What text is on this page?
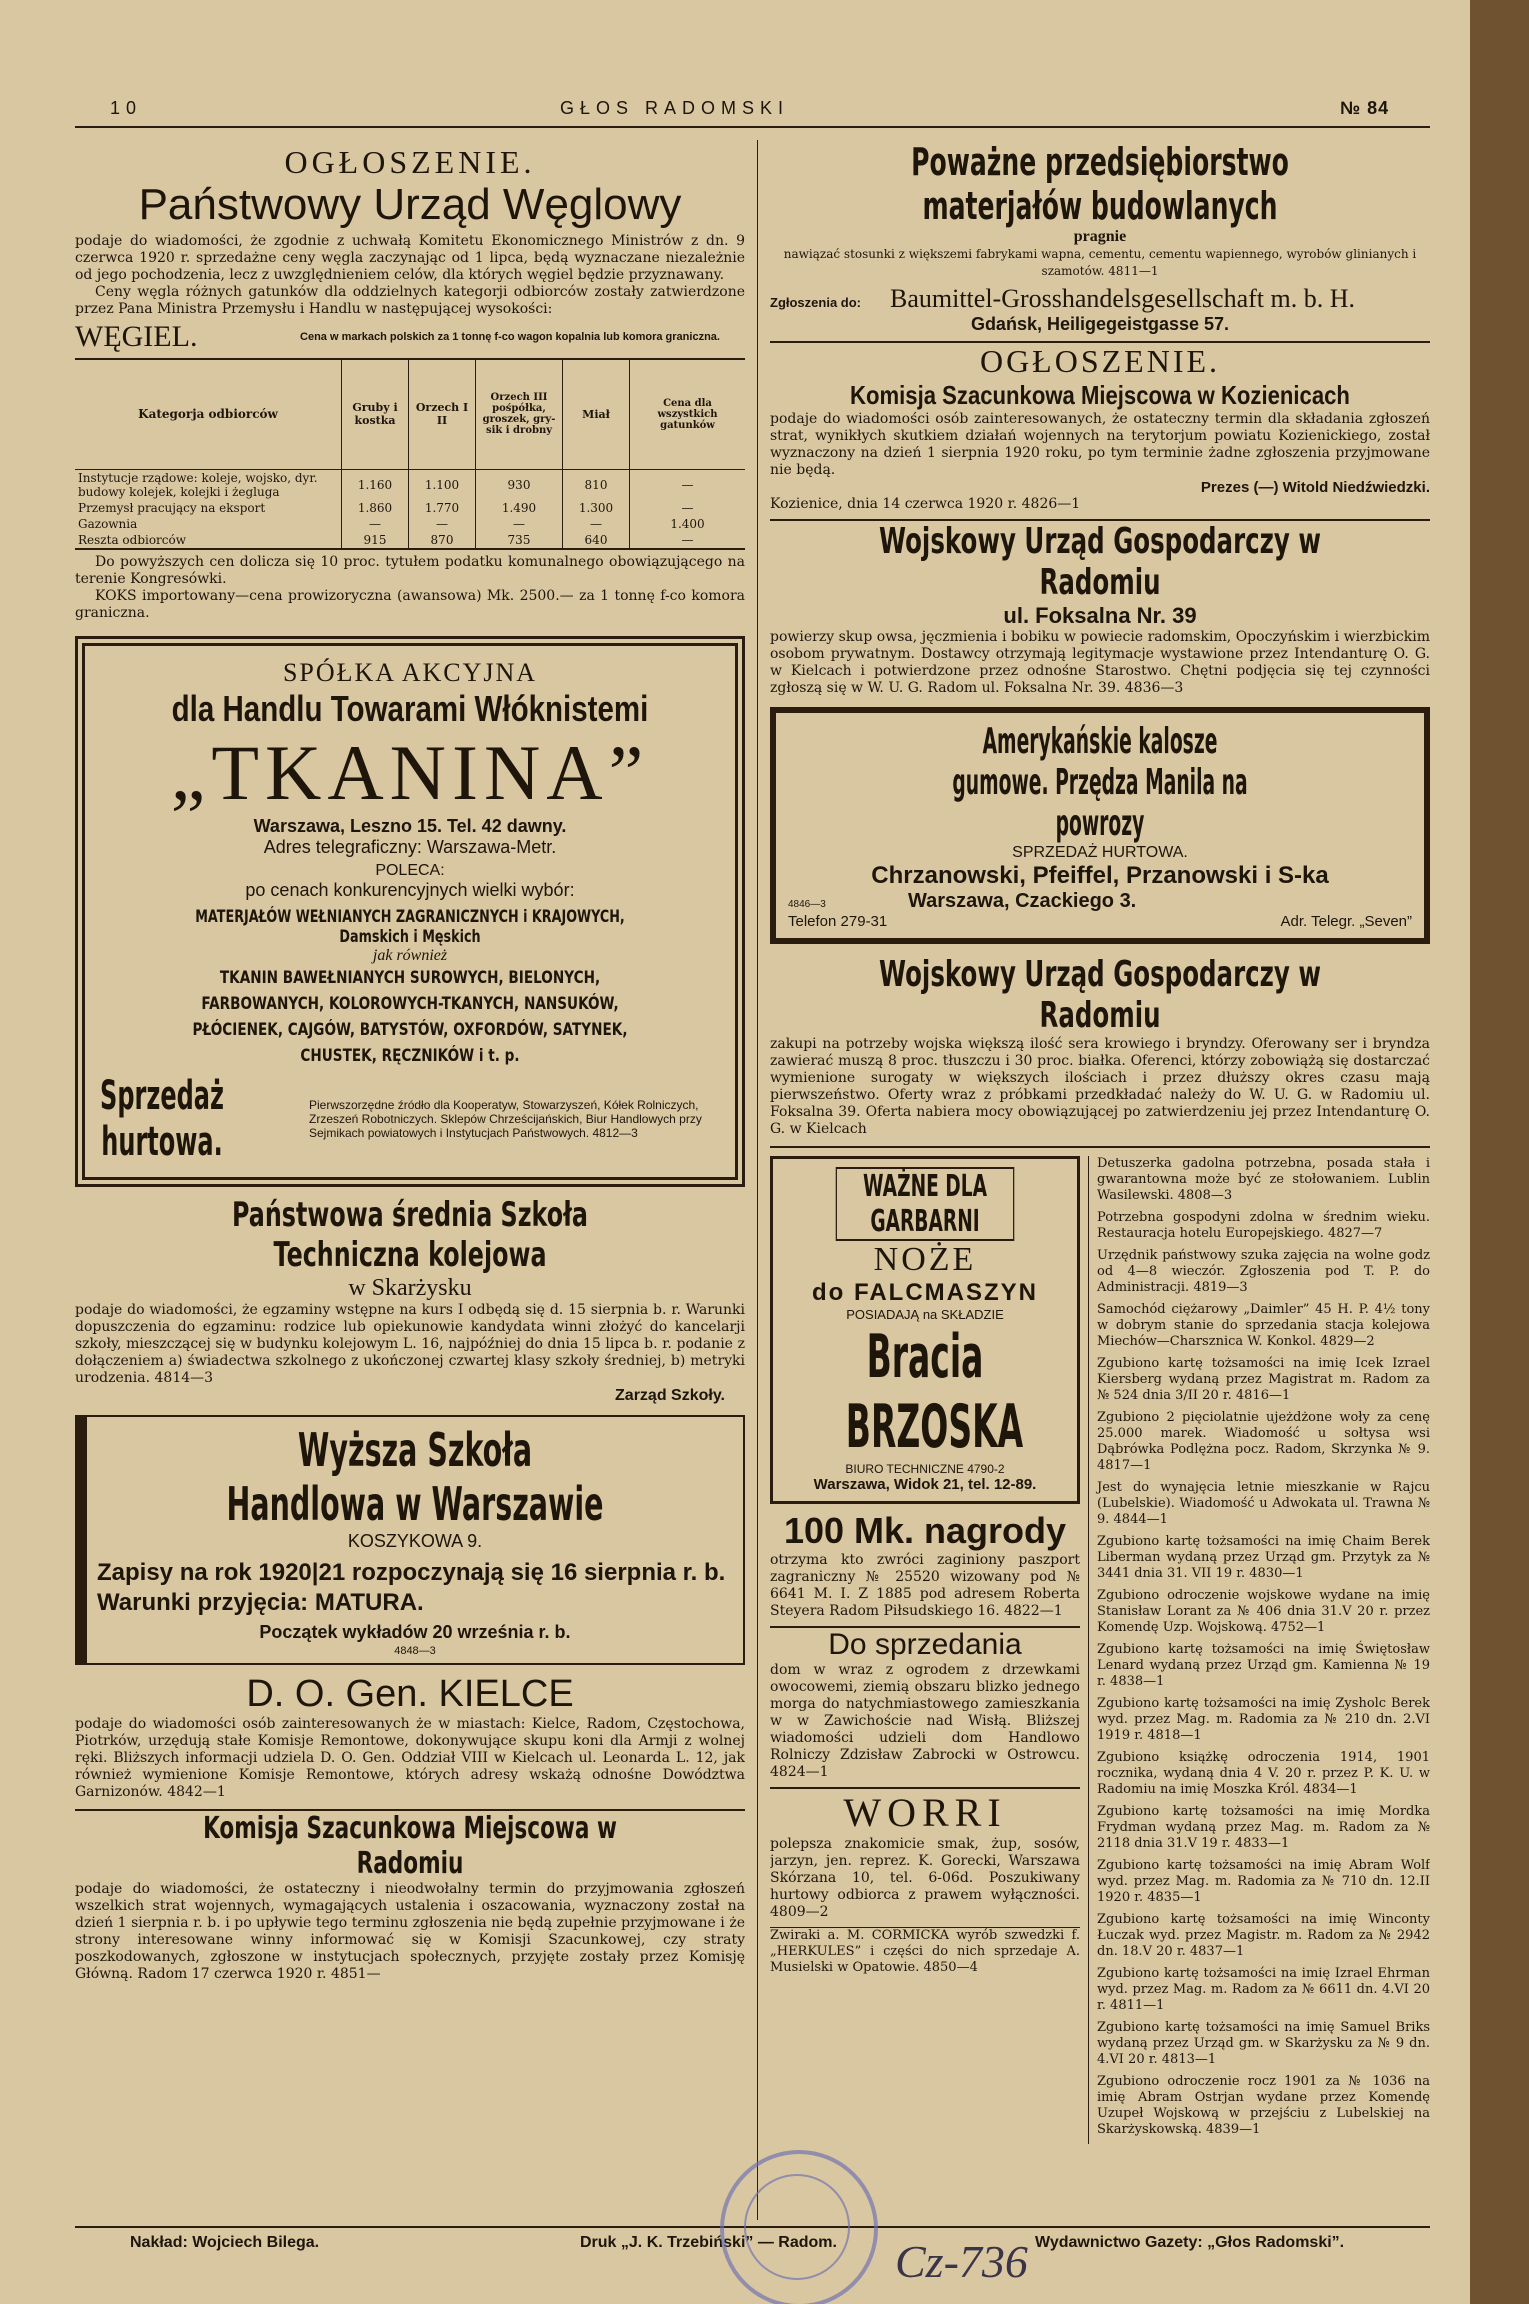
10	GŁOS RADOMSKI	№ 84
OGŁOSZENIE.
Państwowy Urząd Węglowy
podaje do wiadomości, że zgodnie z uchwałą Komitetu Ekonomicznego Ministrów z dn. 9 czerwca 1920 r. sprzedażne ceny węgla zaczynając od 1 lipca, będą wyznaczane niezależnie od jego pochodzenia, lecz z uwzględnieniem celów, dla których węgiel będzie przyznawany.
Ceny węgla różnych gatunków dla oddzielnych kategorji odbiorców zostały zatwierdzone przez Pana Ministra Przemysłu i Handlu w następującej wysokości:
WĘGIEL.	Cena w markach polskich za 1 tonnę f-co wagon kopalnia lub komora graniczna.
Kategorja odbiorców	Gruby i kostka	Orzech I II	Orzech III pośpółka, groszek, gry- sik i drobny	Miał	Cena dla wszystkich gatunków
Instytucje rządowe: koleje, wojsko, dyr. budowy kolejek, kolejki i żegluga	1.160	1.100	930	810	—
Przemysł pracujący na eksport	1.860	1.770	1.490	1.300	—
Gazownia	—	—	—	—	1.400
Reszta odbiorców	915	870	735	640	—
Do powyższych cen dolicza się 10 proc. tytułem podatku komunalnego obowiązującego na terenie Kongresówki.
KOKS importowany—cena prowizoryczna (awansowa) Mk. 2500.— za 1 tonnę f-co komora graniczna.
SPÓŁKA AKCYJNA
dla Handlu Towarami Włóknistemi
„TKANINA”
Warszawa, Leszno 15. Tel. 42 dawny.
Adres telegraficzny: Warszawa-Metr.
POLECA:
po cenach konkurencyjnych wielki wybór:
MATERJAŁÓW WEŁNIANYCH ZAGRANICZNYCH i KRAJOWYCH, Damskich i Męskich
jak również
TKANIN BAWEŁNIANYCH SUROWYCH, BIELONYCH, FARBOWANYCH, KOLOROWYCH-TKANYCH, NANSUKÓW, PŁÓCIENEK, CAJGÓW, BATYSTÓW, OXFORDÓW, SATYNEK, CHUSTEK, RĘCZNIKÓW i t. p.
Sprzedaż hurtowa.
Pierwszorzędne źródło dla Kooperatyw, Stowarzyszeń, Kółek Rolniczych, Zrzeszeń Robotniczych. Sklepów Chrześcijańskich, Biur Handlowych przy Sejmikach powiatowych i Instytucjach Państwowych. 4812—3
Państwowa średnia Szkoła Techniczna kolejowa
w Skarżysku
podaje do wiadomości, że egzaminy wstępne na kurs I odbędą się d. 15 sierpnia b. r. Warunki dopuszczenia do egzaminu: rodzice lub opiekunowie kandydata winni złożyć do kancelarji szkoły, mieszczącej się w budynku kolejowym L. 16, najpóźniej do dnia 15 lipca b. r. podanie z dołączeniem a) świadectwa szkolnego z ukończonej czwartej klasy szkoły średniej, b) metryki urodzenia. 4814—3
Zarząd Szkoły.
Wyższa Szkoła Handlowa w Warszawie
KOSZYKOWA 9.
Zapisy na rok 1920|21 rozpoczynają się 16 sierpnia r. b. Warunki przyjęcia: MATURA.
Początek wykładów 20 września r. b.
4848—3
D. O. Gen. KIELCE
podaje do wiadomości osób zainteresowanych że w miastach: Kielce, Radom, Częstochowa, Piotrków, urzędują stałe Komisje Remontowe, dokonywujące skupu koni dla Armji z wolnej ręki. Bliższych informacji udziela D. O. Gen. Oddział VIII w Kielcach ul. Leonarda L. 12, jak również wymienione Komisje Remontowe, których adresy wskażą odnośne Dowództwa Garnizonów. 4842—1
Komisja Szacunkowa Miejscowa w Radomiu
podaje do wiadomości, że ostateczny i nieodwołalny termin do przyjmowania zgłoszeń wszelkich strat wojennych, wymagających ustalenia i oszacowania, wyznaczony został na dzień 1 sierpnia r. b. i po upływie tego terminu zgłoszenia nie będą zupełnie przyjmowane i że strony interesowane winny informować się w Komisji Szacunkowej, czy straty poszkodowanych, zgłoszone w instytucjach społecznych, przyjęte zostały przez Komisję Główną. Radom 17 czerwca 1920 r. 4851—
Poważne przedsiębiorstwo materjałów budowlanych
pragnie
nawiązać stosunki z większemi fabrykami wapna, cementu, cementu wapiennego, wyrobów glinianych i szamotów. 4811—1
Zgłoszenia do:	Baumittel-Grosshandelsgesellschaft m. b. H.
Gdańsk, Heiligegeistgasse 57.
OGŁOSZENIE.
Komisja Szacunkowa Miejscowa w Kozienicach
podaje do wiadomości osób zainteresowanych, że ostateczny termin dla składania zgłoszeń strat, wynikłych skutkiem działań wojennych na terytorjum powiatu Kozienickiego, został wyznaczony na dzień 1 sierpnia 1920 roku, po tym terminie żadne zgłoszenia przyjmowane nie będą.
Prezes (—) Witold Niedźwiedzki.
Kozienice, dnia 14 czerwca 1920 r. 4826—1
Wojskowy Urząd Gospodarczy w Radomiu
ul. Foksalna Nr. 39
powierzy skup owsa, jęczmienia i bobiku w powiecie radomskim, Opoczyńskim i wierzbickim osobom prywatnym. Dostawcy otrzymają legitymacje wystawione przez Intendanturę O. G. w Kielcach i potwierdzone przez odnośne Starostwo. Chętni podjęcia się tej czynności zgłoszą się w W. U. G. Radom ul. Foksalna Nr. 39. 4836—3
Amerykańskie kalosze gumowe. Przędza Manila na powrozy
SPRZEDAŻ HURTOWA.
Chrzanowski, Pfeiffel, Przanowski i S-ka
4846—3	Warszawa, Czackiego 3.
Telefon 279-31	Adr. Telegr. „Seven”
Wojskowy Urząd Gospodarczy w Radomiu
zakupi na potrzeby wojska większą ilość sera krowiego i bryndzy. Oferowany ser i bryndza zawierać muszą 8 proc. tłuszczu i 30 proc. białka. Oferenci, którzy zobowiążą się dostarczać wymienione surogaty w większych ilościach i przez dłuższy okres czasu mają pierwszeństwo. Oferty wraz z próbkami przedkładać należy do W. U. G. w Radomiu ul. Foksalna 39. Oferta nabiera mocy obowiązującej po zatwierdzeniu jej przez Intendanturę O. G. w Kielcach
WAŻNE DLA GARBARNI
NOŻE
do FALCMASZYN
POSIADAJĄ na SKŁADZIE
Bracia BRZOSKA
BIURO TECHNICZNE 4790-2
Warszawa, Widok 21, tel. 12-89.
100 Mk. nagrody
otrzyma kto zwróci zaginiony paszport zagraniczny № 25520 wizowany pod № 6641 M. I. Z 1885 pod adresem Roberta Steyera Radom Piłsudskiego 16. 4822—1
Do sprzedania
dom w wraz z ogrodem z drzewkami owocowemi, ziemią obszaru blizko jednego morga do natychmiastowego zamieszkania w w Zawichoście nad Wisłą. Bliższej wiadomości udzieli dom Handlowo Rolniczy Zdzisław Zabrocki w Ostrowcu. 4824—1
WORRI
polepsza znakomicie smak, żup, sosów, jarzyn, jen. reprez. K. Gorecki, Warszawa Skórzana 10, tel. 6-06d. Poszukiwany hurtowy odbiorca z prawem wyłączności. 4809—2
Zwiraki a. M. CORMICKA wyrób szwedzki f. „HERKULES” i części do nich sprzedaje A. Musielski w Opatowie. 4850—4
Detuszerka gadolna potrzebna, posada stała i gwarantowna może być ze stołowaniem. Lublin Wasilewski. 4808—3
Potrzebna gospodyni zdolna w średnim wieku. Restauracja hotelu Europejskiego. 4827—7
Urzędnik państwowy szuka zajęcia na wolne godz od 4—8 wieczór. Zgłoszenia pod T. P. do Administracji. 4819—3
Samochód ciężarowy „Daimler” 45 H. P. 4½ tony w dobrym stanie do sprzedania stacja kolejowa Miechów—Charsznica W. Konkol. 4829—2
Zgubiono kartę tożsamości na imię Icek Izrael Kiersberg wydaną przez Magistrat m. Radom za № 524 dnia 3/II 20 r. 4816—1
Zgubiono 2 pięciolatnie ujeżdżone woły za cenę 25.000 marek. Wiadomość u sołtysa wsi Dąbrówka Podlężna pocz. Radom, Skrzynka № 9. 4817—1
Jest do wynajęcia letnie mieszkanie w Rajcu (Lubelskie). Wiadomość u Adwokata ul. Trawna № 9. 4844—1
Zgubiono kartę tożsamości na imię Chaim Berek Liberman wydaną przez Urząd gm. Przytyk za № 3441 dnia 31. VII 19 r. 4830—1
Zgubiono odroczenie wojskowe wydane na imię Stanisław Lorant za № 406 dnia 31.V 20 r. przez Komendę Uzp. Wojskową. 4752—1
Zgubiono kartę tożsamości na imię Świętosław Lenard wydaną przez Urząd gm. Kamienna № 19 r. 4838—1
Zgubiono kartę tożsamości na imię Zysholc Berek wyd. przez Mag. m. Radomia za № 210 dn. 2.VI 1919 r. 4818—1
Zgubiono książkę odroczenia 1914, 1901 rocznika, wydaną dnia 4 V. 20 r. przez P. K. U. w Radomiu na imię Moszka Król. 4834—1
Zgubiono kartę tożsamości na imię Mordka Frydman wydaną przez Mag. m. Radom za № 2118 dnia 31.V 19 r. 4833—1
Zgubiono kartę tożsamości na imię Abram Wolf wyd. przez Mag. m. Radomia za № 710 dn. 12.II 1920 r. 4835—1
Zgubiono kartę tożsamości na imię Winconty Łuczak wyd. przez Magistr. m. Radom za № 2942 dn. 18.V 20 r. 4837—1
Zgubiono kartę tożsamości na imię Izrael Ehrman wyd. przez Mag. m. Radom za № 6611 dn. 4.VI 20 r. 4811—1
Zgubiono kartę tożsamości na imię Samuel Briks wydaną przez Urząd gm. w Skarżysku za № 9 dn. 4.VI 20 r. 4813—1
Zgubiono odroczenie rocz 1901 za № 1036 na imię Abram Ostrjan wydane przez Komendę Uzupeł Wojskową w przejściu z Lubelskiej na Skarżyskowską. 4839—1
Nakład: Wojciech Bilega.	Druk „J. K. Trzebiński” — Radom.	Wydawnictwo Gazety: „Głos Radomski”.
Cz-736
